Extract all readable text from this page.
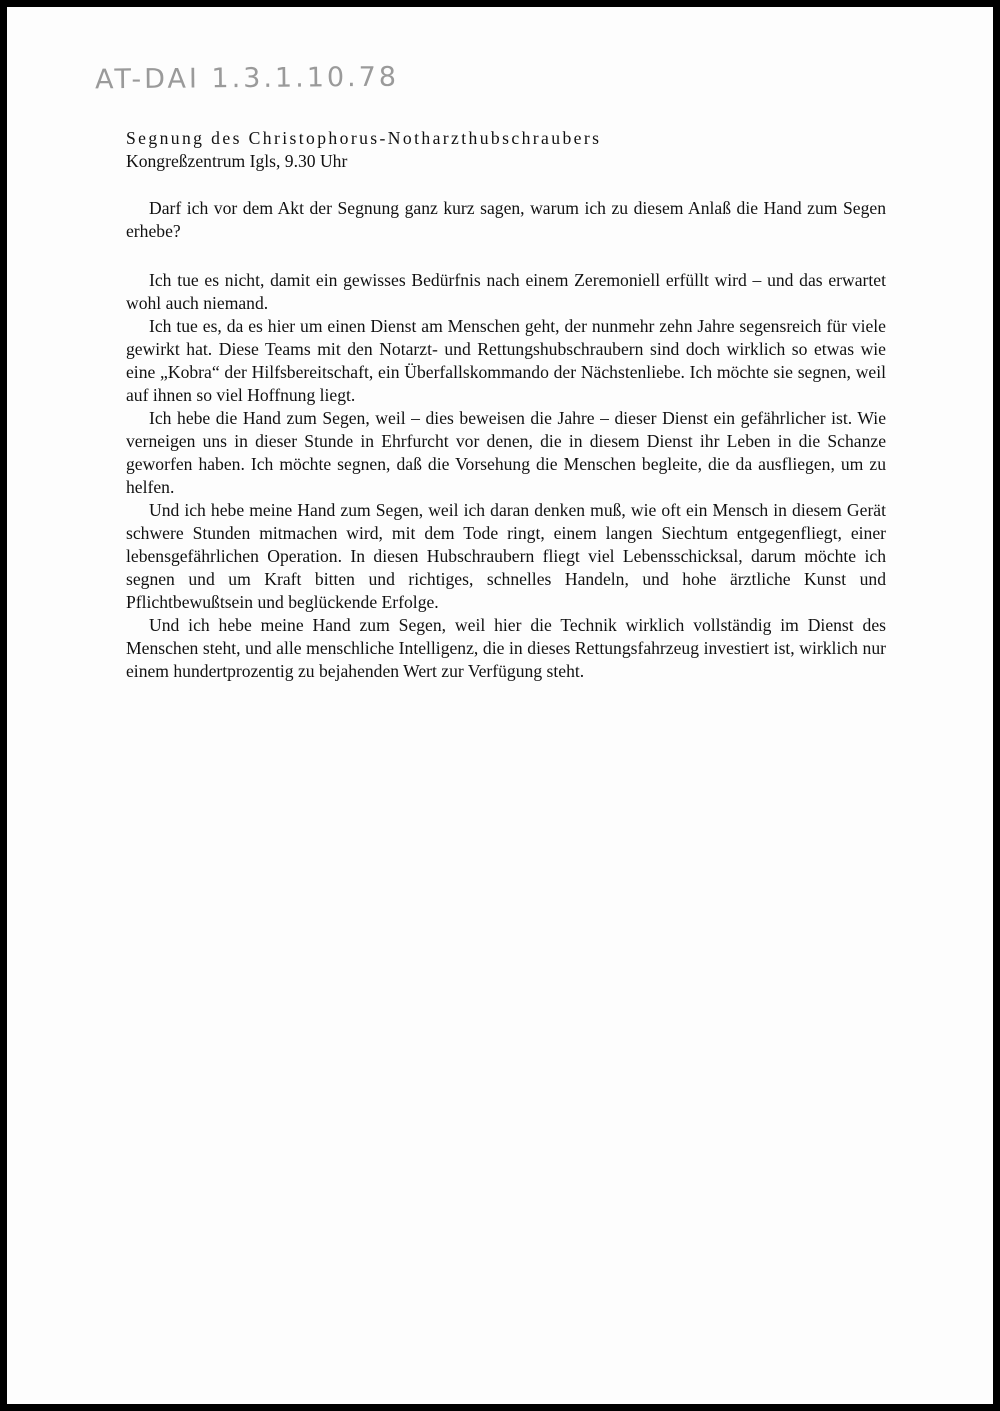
AT-DAI 1.3.1.10.78
Segnung des Christophorus-Notharzthubschraubers

Kongreßzentrum Igls, 9.30 Uhr

Darf ich vor dem Akt der Segnung ganz kurz sagen, warum ich zu diesem Anlaß die Hand zum Segen erhebe?

Ich tue es nicht, damit ein gewisses Bedürfnis nach einem Zeremoniell erfüllt wird – und das erwartet wohl auch niemand.

Ich tue es, da es hier um einen Dienst am Menschen geht, der nunmehr zehn Jahre segensreich für viele gewirkt hat. Diese Teams mit den Notarzt- und Rettungshubschraubern sind doch wirklich so etwas wie eine „Kobra“ der Hilfsbereitschaft, ein Überfallskommando der Nächstenliebe. Ich möchte sie segnen, weil auf ihnen so viel Hoffnung liegt.

Ich hebe die Hand zum Segen, weil – dies beweisen die Jahre – dieser Dienst ein gefährlicher ist. Wie verneigen uns in dieser Stunde in Ehrfurcht vor denen, die in diesem Dienst ihr Leben in die Schanze geworfen haben. Ich möchte segnen, daß die Vorsehung die Menschen begleite, die da ausfliegen, um zu helfen.

Und ich hebe meine Hand zum Segen, weil ich daran denken muß, wie oft ein Mensch in diesem Gerät schwere Stunden mitmachen wird, mit dem Tode ringt, einem langen Siechtum entgegenfliegt, einer lebensgefährlichen Operation. In diesen Hubschraubern fliegt viel Lebensschicksal, darum möchte ich segnen und um Kraft bitten und richtiges, schnelles Handeln, und hohe ärztliche Kunst und Pflichtbewußtsein und beglückende Erfolge.

Und ich hebe meine Hand zum Segen, weil hier die Technik wirklich vollständig im Dienst des Menschen steht, und alle menschliche Intelligenz, die in dieses Rettungsfahrzeug investiert ist, wirklich nur einem hundertprozentig zu bejahenden Wert zur Verfügung steht.
